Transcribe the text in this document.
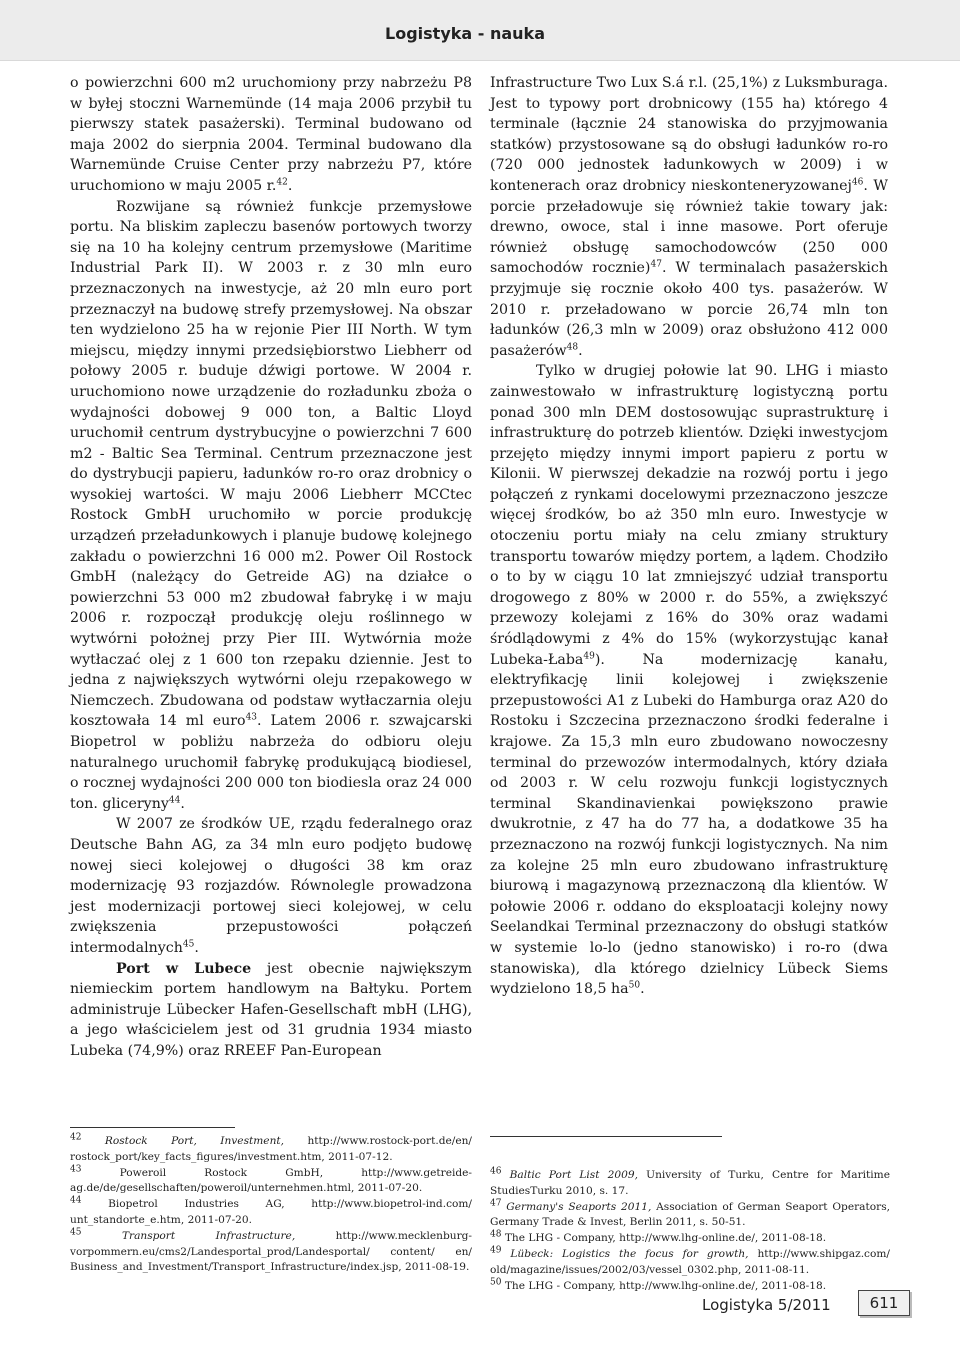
Logistyka - nauka

o powierzchni 600 m2 uruchomiony przy nabrzeżu P8 w byłej stoczni Warnemünde (14 maja 2006 przybił tu pierwszy statek pasażerski). Terminal budowano od maja 2002 do sierpnia 2004. Terminal budowano dla Warnemünde Cruise Center przy nabrzeżu P7, które uruchomiono w maju 2005 r.$^{42}$.

Rozwijane są również funkcje przemysłowe portu. Na bliskim zapleczu basenów portowych tworzy się na 10 ha kolejny centrum przemysłowe (Maritime Industrial Park II). W 2003 r. z 30 mln euro przeznaczonych na inwestycje, aż 20 mln euro port przeznaczył na budowę strefy przemysłowej. Na obszar ten wydzielono 25 ha w rejonie Pier III North. W tym miejscu, między innymi przedsiębiorstwo Liebherr od połowy 2005 r. buduje dźwigi portowe. W 2004 r. uruchomiono nowe urządzenie do rozładunku zboża o wydajności dobowej 9 000 ton, a Baltic Lloyd uruchomił centrum dystrybucyjne o powierzchni 7 600 m2 - Baltic Sea Terminal. Centrum przeznaczone jest do dystrybucji papieru, ładunków ro-ro oraz drobnicy o wysokiej wartości. W maju 2006 Liebherr MCCtec Rostock GmbH uruchomiło w porcie produkcję urządzeń przeładunkowych i planuje budowę kolejnego zakładu o powierzchni 16 000 m2. Power Oil Rostock GmbH (należący do Getreide AG) na działce o powierzchni 53 000 m2 zbudował fabrykę i w maju 2006 r. rozpoczął produkcję oleju roślinnego w wytwórni położnej przy Pier III. Wytwórnia może wytłaczać olej z 1 600 ton rzepaku dziennie. Jest to jedna z największych wytwórni oleju rzepakowego w Niemczech. Zbudowana od podstaw wytłaczarnia oleju kosztowała 14 ml euro$^{43}$. Latem 2006 r. szwajcarski Biopetrol w pobliżu nabrzeża do odbioru oleju naturalnego uruchomił fabrykę produkującą biodiesel, o rocznej wydajności 200 000 ton biodiesla oraz 24 000 ton. gliceryny$^{44}$.

W 2007 ze środków UE, rządu federalnego oraz Deutsche Bahn AG, za 34 mln euro podjęto budowę nowej sieci kolejowej o długości 38 km oraz modernizację 93 rozjazdów. Równolegle prowadzona jest modernizacji portowej sieci kolejowej, w celu zwiększenia przepustowości połączeń intermodalnych$^{45}$.

Port w Lubece jest obecnie największym niemieckim portem handlowym na Bałtyku. Portem administruje Lübecker Hafen-Gesellschaft mbH (LHG), a jego właścicielem jest od 31 grudnia 1934 miasto Lubeka (74,9%) oraz RREEF Pan-European

Infrastructure Two Lux S.á r.l. (25,1%) z Luksmburaga. Jest to typowy port drobnicowy (155 ha) którego 4 terminale (łącznie 24 stanowiska do przyjmowania statków) przystosowane są do obsługi ładunków ro-ro (720 000 jednostek ładunkowych w 2009) i w kontenerach oraz drobnicy nieskonteneryzowanej$^{46}$. W porcie przeładowuje się również takie towary jak: drewno, owoce, stal i inne masowe. Port oferuje również obsługę samochodowców (250 000 samochodów rocznie)$^{47}$. W terminalach pasażerskich przyjmuje się rocznie około 400 tys. pasażerów. W 2010 r. przeładowano w porcie 26,74 mln ton ładunków (26,3 mln w 2009) oraz obsłużono 412 000 pasażerów$^{48}$.

Tylko w drugiej połowie lat 90. LHG i miasto zainwestowało w infrastrukturę logistyczną portu ponad 300 mln DEM dostosowując suprastrukturę i infrastrukturę do potrzeb klientów. Dzięki inwestycjom przejęto między innymi import papieru z portu w Kilonii. W pierwszej dekadzie na rozwój portu i jego połączeń z rynkami docelowymi przeznaczono jeszcze więcej środków, bo aż 350 mln euro. Inwestycje w otoczeniu portu miały na celu zmiany struktury transportu towarów między portem, a lądem. Chodziło o to by w ciągu 10 lat zmniejszyć udział transportu drogowego z 80% w 2000 r. do 55%, a zwiększyć przewozy kolejami z 16% do 30% oraz wadami śródlądowymi z 4% do 15% (wykorzystując kanał Lubeka-Łaba$^{49}$). Na modernizację kanału, elektryfikację linii kolejowej i zwiększenie przepustowości A1 z Lubeki do Hamburga oraz A20 do Rostoku i Szczecina przeznaczono środki federalne i krajowe. Za 15,3 mln euro zbudowano nowoczesny terminal do przewozów intermodalnych, który działa od 2003 r. W celu rozwoju funkcji logistycznych terminal Skandinavienkai powiększono prawie dwukrotnie, z 47 ha do 77 ha, a dodatkowe 35 ha przeznaczono na rozwój funkcji logistycznych. Na nim za kolejne 25 mln euro zbudowano infrastrukturę biurową i magazynową przeznaczoną dla klientów. W połowie 2006 r. oddano do eksploatacji kolejny nowy Seelandkai Terminal przeznaczony do obsługi statków w systemie lo-lo (jedno stanowisko) i ro-ro (dwa stanowiska), dla którego dzielnicy Lübeck Siems wydzielono 18,5 $ha^{50}$.

$^{42}$ Rostock Port, Investment, http://www.rostock-port.de/en/ rostock_port/key_facts_figures/investment.htm, 2011-07-12.
$^{43}$ Poweroil Rostock GmbH, http://www.getreide-ag.de/de/gesellschaften/poweroil/unternehmen.html, 2011-07-20.
$^{44}$ Biopetrol Industries AG, http://www.biopetrol-ind.com/ unt_standorte_e.htm, 2011-07-20.
$^{45}$	Transport Infrastructure, http://www.mecklenburg-vorpommern.eu/cms2/Landesportal_prod/Landesportal/ content/ en/ Business_and_Investment/Transport_Infrastructure/index.jsp, 2011-08-19.
$^{46}$ Baltic Port List 2009, University of Turku, Centre for Maritime StudiesTurku 2010, s. 17.
$^{47}$ Germany's Seaports 2011, Association of German Seaport Operators, Germany Trade & Invest, Berlin 2011, s. 50-51.
$^{48}$ The LHG - Company, http://www.lhg-online.de/, 2011-08-18.
$^{49}$ Lübeck: Logistics the focus for growth, http://www.shipgaz.com/ old/magazine/issues/2002/03/vessel_0302.php, 2011-08-11.
$^{50}$ The LHG - Company, http://www.lhg-online.de/, 2011-08-18.
Logistyka 5/2011	611
